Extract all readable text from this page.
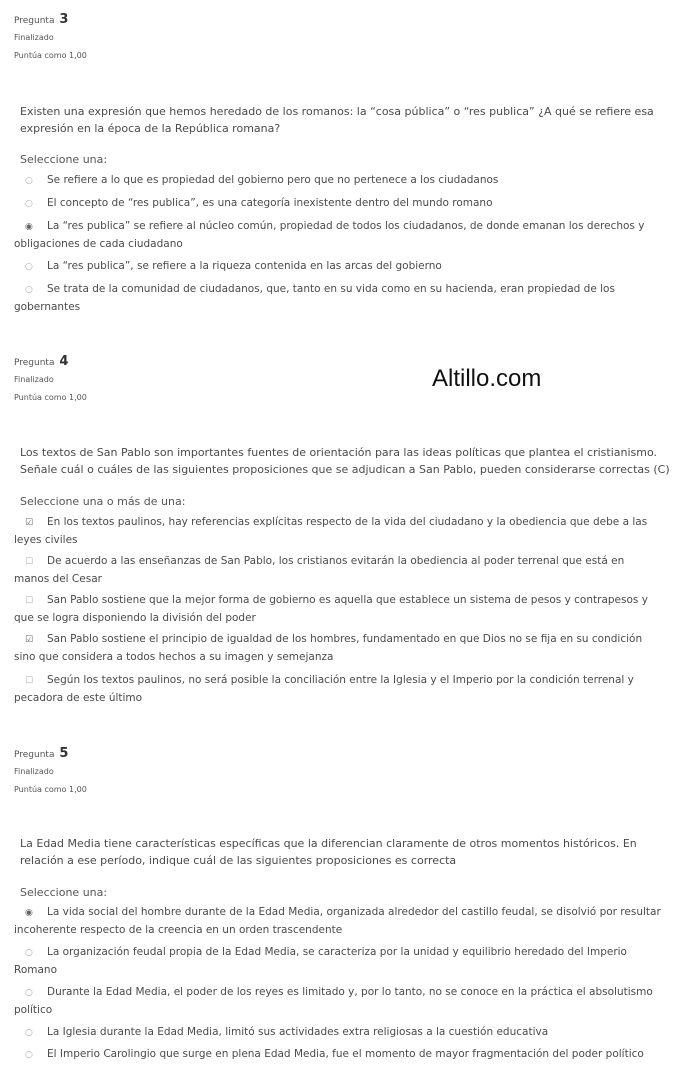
Altillo.com
Pregunta 3
Finalizado
Puntúa como 1,00
Existen una expresión que hemos heredado de los romanos: la “cosa pública” o “res publica” ¿A qué se refiere esa expresión en la época de la República romana?
Seleccione una:
○ Se refiere a lo que es propiedad del gobierno pero que no pertenece a los ciudadanos
○ El concepto de “res publica”, es una categoría inexistente dentro del mundo romano
◉ La “res publica” se refiere al núcleo común, propiedad de todos los ciudadanos, de donde emanan los derechos y
obligaciones de cada ciudadano
○ La “res publica”, se refiere a la riqueza contenida en las arcas del gobierno
○ Se trata de la comunidad de ciudadanos, que, tanto en su vida como en su hacienda, eran propiedad de los
gobernantes
Pregunta 4
Finalizado
Puntúa como 1,00
Los textos de San Pablo son importantes fuentes de orientación para las ideas políticas que plantea el cristianismo. Señale cuál o cuáles de las siguientes proposiciones que se adjudican a San Pablo, pueden considerarse correctas (C)
Seleccione una o más de una:
☑ En los textos paulinos, hay referencias explícitas respecto de la vida del ciudadano y la obediencia que debe a las
leyes civiles
☐ De acuerdo a las enseñanzas de San Pablo, los cristianos evitarán la obediencia al poder terrenal que está en
manos del Cesar
☐ San Pablo sostiene que la mejor forma de gobierno es aquella que establece un sistema de pesos y contrapesos y
que se logra disponiendo la división del poder
☑ San Pablo sostiene el principio de igualdad de los hombres, fundamentado en que Dios no se fija en su condición
sino que considera a todos hechos a su imagen y semejanza
☐ Según los textos paulinos, no será posible la conciliación entre la Iglesia y el Imperio por la condición terrenal y
pecadora de este último
Pregunta 5
Finalizado
Puntúa como 1,00
La Edad Media tiene características específicas que la diferencian claramente de otros momentos históricos. En relación a ese período, indique cuál de las siguientes proposiciones es correcta
Seleccione una:
◉ La vida social del hombre durante de la Edad Media, organizada alrededor del castillo feudal, se disolvió por resultar
incoherente respecto de la creencia en un orden trascendente
○ La organización feudal propia de la Edad Media, se caracteriza por la unidad y equilibrio heredado del Imperio
Romano
○ Durante la Edad Media, el poder de los reyes es limitado y, por lo tanto, no se conoce en la práctica el absolutismo
político
○ La Iglesia durante la Edad Media, limitó sus actividades extra religiosas a la cuestión educativa
○ El Imperio Carolingio que surge en plena Edad Media, fue el momento de mayor fragmentación del poder político
